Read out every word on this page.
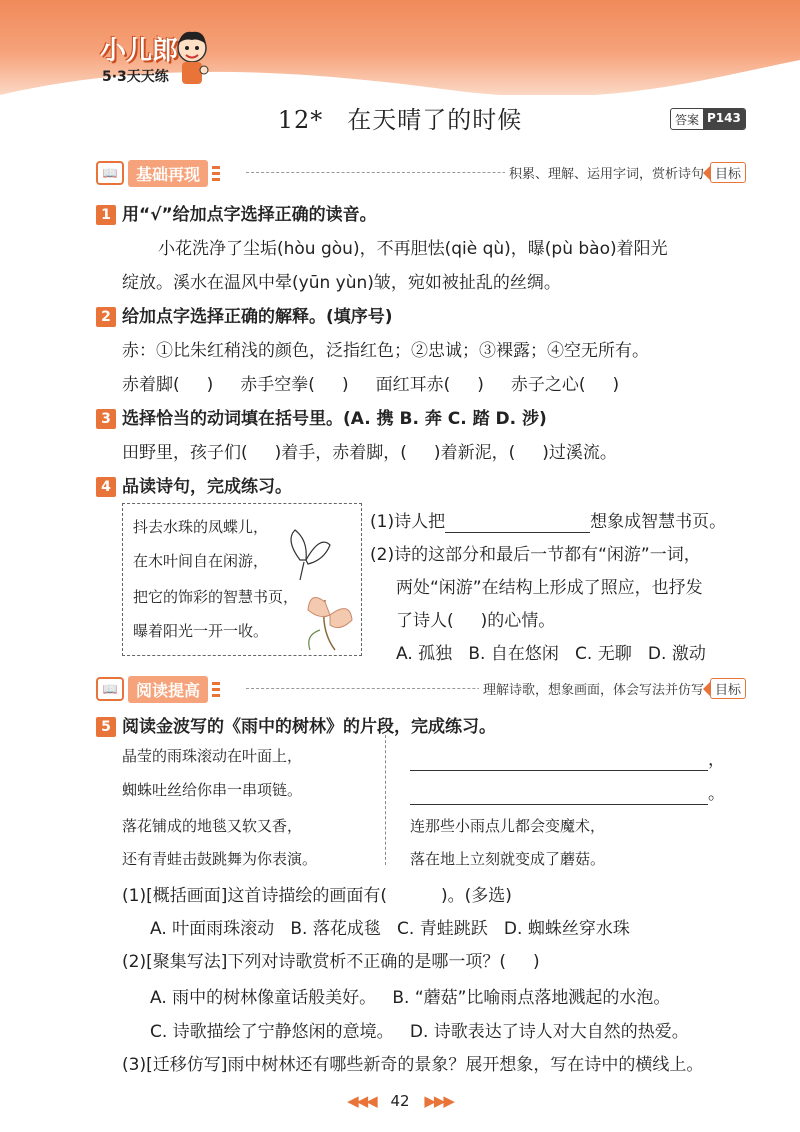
小儿郎
5·3天天练
12* 在天晴了的时候	答案 P143
📖	基础再现	积累、理解、运用字词，赏析诗句 目标
1 用“√”给加点字选择正确的读音。
小花洗净了尘垢(hòu gòu)，不再胆怯(qiè qù)，曝(pù bào)着阳光
绽放。溪水在温风中晕(yūn yùn)皱，宛如被扯乱的丝绸。
2 给加点字选择正确的解释。(填序号)
赤：①比朱红稍浅的颜色，泛指红色；②忠诚；③裸露；④空无所有。
赤着脚(     )     赤手空拳(     )     面红耳赤(     )     赤子之心(     )
3 选择恰当的动词填在括号里。(A. 携 B. 奔 C. 踏 D. 涉)
田野里，孩子们(     )着手，赤着脚，(     )着新泥，(     )过溪流。
4 品读诗句，完成练习。
抖去水珠的凤蝶儿，
在木叶间自在闲游，
把它的饰彩的智慧书页，
曝着阳光一开一收。
(1)诗人把	想象成智慧书页。
(2)诗的这部分和最后一节都有“闲游”一词，
两处“闲游”在结构上形成了照应，也抒发
了诗人(     )的心情。
A. 孤独   B. 自在悠闲   C. 无聊   D. 激动
📖	阅读提高	理解诗歌，想象画面，体会写法并仿写 目标
5 阅读金波写的《雨中的树林》的片段，完成练习。
晶莹的雨珠滚动在叶面上，
蜘蛛吐丝给你串一串项链。
落花铺成的地毯又软又香，
还有青蛙击鼓跳舞为你表演。
，
。
连那些小雨点儿都会变魔术，
落在地上立刻就变成了蘑菇。
(1)[概括画面]这首诗描绘的画面有(          )。(多选)
A. 叶面雨珠滚动   B. 落花成毯   C. 青蛙跳跃   D. 蜘蛛丝穿水珠
(2)[聚集写法]下列对诗歌赏析不正确的是哪一项？(     )
A. 雨中的树林像童话般美好。   B. “蘑菇”比喻雨点落地溅起的水泡。
C. 诗歌描绘了宁静悠闲的意境。   D. 诗歌表达了诗人对大自然的热爱。
(3)[迁移仿写]雨中树林还有哪些新奇的景象？展开想象，写在诗中的横线上。
◀◀◀ 42 ▶▶▶
